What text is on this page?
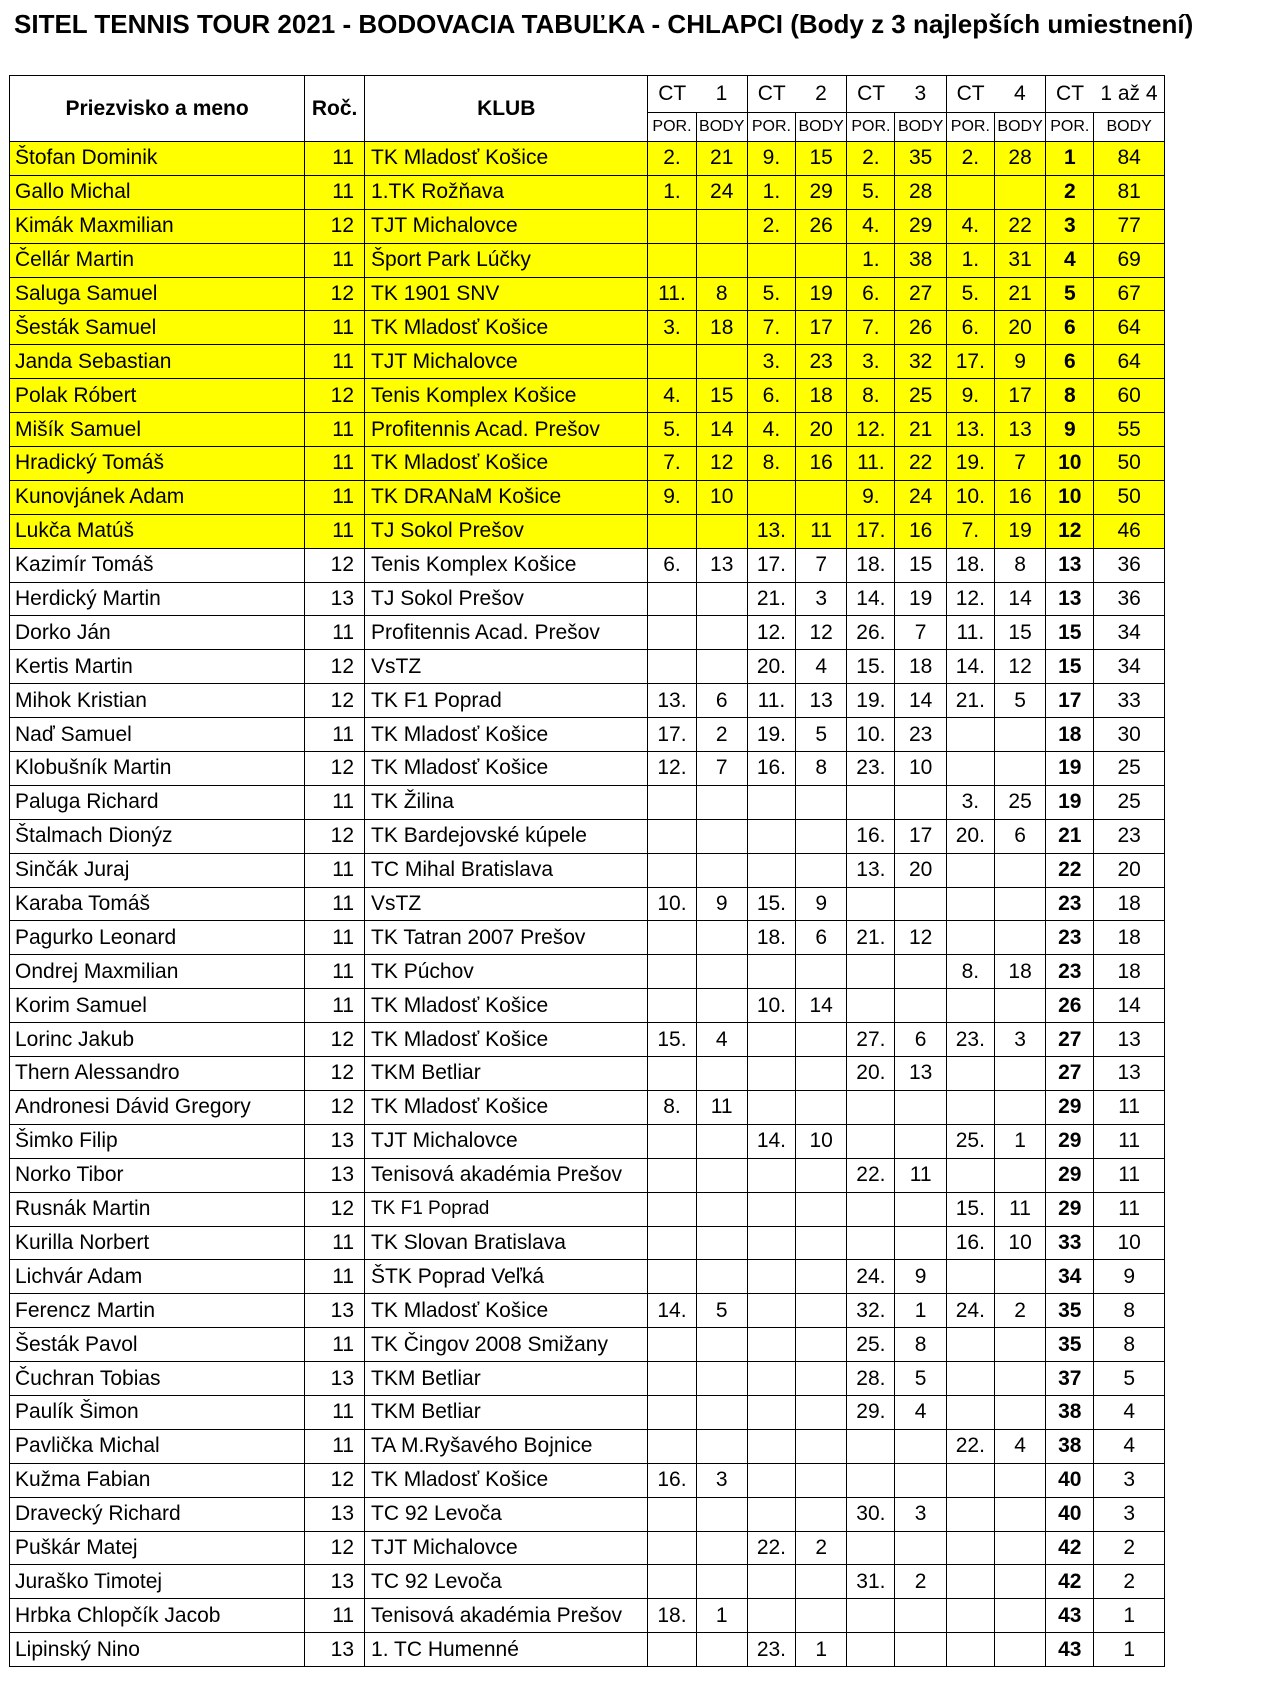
SITEL TENNIS TOUR 2021 - BODOVACIA TABUĽKA - CHLAPCI (Body z 3 najlepších umiestnení)
Priezvisko a meno	Roč.	KLUB	CT	1	CT	2	CT	3	CT	4	CT	1 až 4
			POR.	BODY	POR.	BODY	POR.	BODY	POR.	BODY	POR.	BODY
Štofan Dominik	11	TK Mladosť Košice	2.	21	9.	15	2.	35	2.	28	1	84
Gallo Michal	11	1.TK Rožňava	1.	24	1.	29	5.	28			2	81
Kimák Maxmilian	12	TJT Michalovce			2.	26	4.	29	4.	22	3	77
Čellár Martin	11	Šport Park Lúčky					1.	38	1.	31	4	69
Saluga Samuel	12	TK 1901 SNV	11.	8	5.	19	6.	27	5.	21	5	67
Šesták Samuel	11	TK Mladosť Košice	3.	18	7.	17	7.	26	6.	20	6	64
Janda Sebastian	11	TJT Michalovce			3.	23	3.	32	17.	9	6	64
Polak Róbert	12	Tenis Komplex Košice	4.	15	6.	18	8.	25	9.	17	8	60
Mišík Samuel	11	Profitennis Acad. Prešov	5.	14	4.	20	12.	21	13.	13	9	55
Hradický Tomáš	11	TK Mladosť Košice	7.	12	8.	16	11.	22	19.	7	10	50
Kunovjánek Adam	11	TK DRANaM Košice	9.	10			9.	24	10.	16	10	50
Lukča Matúš	11	TJ Sokol Prešov			13.	11	17.	16	7.	19	12	46
Kazimír Tomáš	12	Tenis Komplex Košice	6.	13	17.	7	18.	15	18.	8	13	36
Herdický Martin	13	TJ Sokol Prešov			21.	3	14.	19	12.	14	13	36
Dorko Ján	11	Profitennis Acad. Prešov			12.	12	26.	7	11.	15	15	34
Kertis Martin	12	VsTZ			20.	4	15.	18	14.	12	15	34
Mihok Kristian	12	TK F1 Poprad	13.	6	11.	13	19.	14	21.	5	17	33
Naď Samuel	11	TK Mladosť Košice	17.	2	19.	5	10.	23			18	30
Klobušník Martin	12	TK Mladosť Košice	12.	7	16.	8	23.	10			19	25
Paluga Richard	11	TK Žilina							3.	25	19	25
Štalmach Dionýz	12	TK Bardejovské kúpele					16.	17	20.	6	21	23
Sinčák Juraj	11	TC Mihal Bratislava					13.	20			22	20
Karaba Tomáš	11	VsTZ	10.	9	15.	9					23	18
Pagurko Leonard	11	TK Tatran 2007 Prešov			18.	6	21.	12			23	18
Ondrej Maxmilian	11	TK Púchov							8.	18	23	18
Korim Samuel	11	TK Mladosť Košice			10.	14					26	14
Lorinc Jakub	12	TK Mladosť Košice	15.	4			27.	6	23.	3	27	13
Thern Alessandro	12	TKM Betliar					20.	13			27	13
Andronesi Dávid Gregory	12	TK Mladosť Košice	8.	11							29	11
Šimko Filip	13	TJT Michalovce			14.	10			25.	1	29	11
Norko Tibor	13	Tenisová akadémia Prešov					22.	11			29	11
Rusnák Martin	12	TK F1 Poprad							15.	11	29	11
Kurilla Norbert	11	TK Slovan Bratislava							16.	10	33	10
Lichvár Adam	11	ŠTK Poprad Veľká					24.	9			34	9
Ferencz Martin	13	TK Mladosť Košice	14.	5			32.	1	24.	2	35	8
Šesták Pavol	11	TK Čingov 2008 Smižany					25.	8			35	8
Čuchran Tobias	13	TKM Betliar					28.	5			37	5
Paulík Šimon	11	TKM Betliar					29.	4			38	4
Pavlička Michal	11	TA M.Ryšavého Bojnice							22.	4	38	4
Kužma Fabian	12	TK Mladosť Košice	16.	3							40	3
Dravecký Richard	13	TC 92 Levoča					30.	3			40	3
Puškár Matej	12	TJT Michalovce			22.	2					42	2
Juraško Timotej	13	TC 92 Levoča					31.	2			42	2
Hrbka Chlopčík Jacob	11	Tenisová akadémia Prešov	18.	1							43	1
Lipinský Nino	13	1. TC Humenné			23.	1					43	1
